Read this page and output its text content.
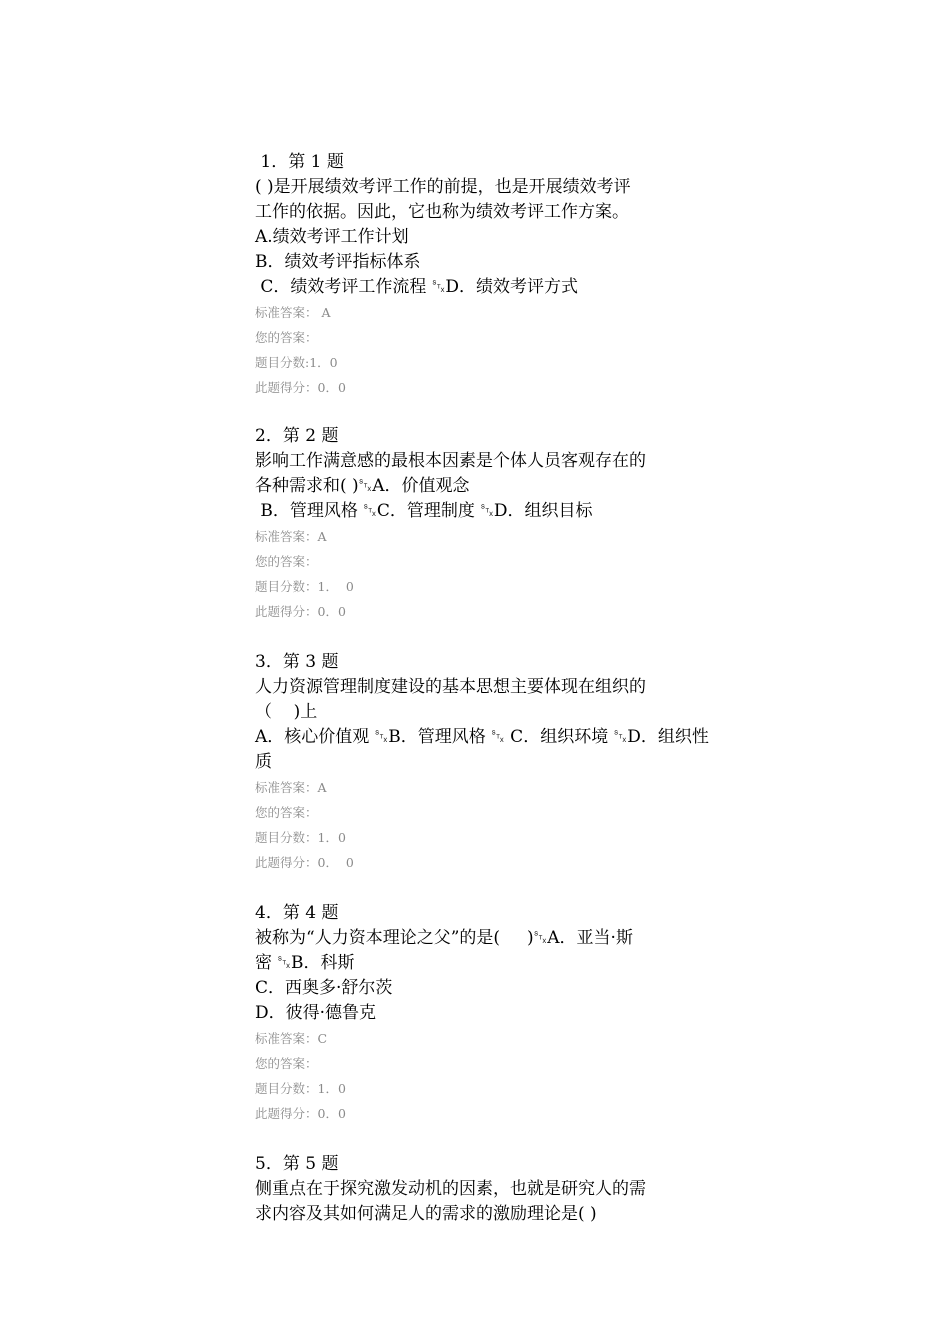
1．第 1 题
( )是开展绩效考评工作的前提，也是开展绩效考评
工作的依据。因此，它也称为绩效考评工作方案。
A.绩效考评工作计划
B．绩效考评指标体系
C．绩效考评工作流程 ␂D．绩效考评方式
标准答案： A
您的答案：
题目分数:1．0
此题得分：0．0
2．第 2 题
影响工作满意感的最根本因素是个体人员客观存在的
各种需求和( )␂A．价值观念
B．管理风格 ␂C．管理制度 ␂D．组织目标
标准答案：A
您的答案：
题目分数：1．  0
此题得分：0．0
3．第 3 题
人力资源管理制度建设的基本思想主要体现在组织的
（    )上
A．核心价值观 ␂B．管理风格 ␂ C．组织环境 ␂D．组织性
质
标准答案：A
您的答案：
题目分数：1．0
此题得分：0．  0
4．第 4 题
被称为“人力资本理论之父”的是(     )␂A．亚当·斯
密 ␂B．科斯
C．西奥多·舒尔茨
D．彼得·德鲁克
标准答案：C
您的答案：
题目分数：1．0
此题得分：0．0
5．第 5 题
侧重点在于探究激发动机的因素，也就是研究人的需
求内容及其如何满足人的需求的激励理论是( )
